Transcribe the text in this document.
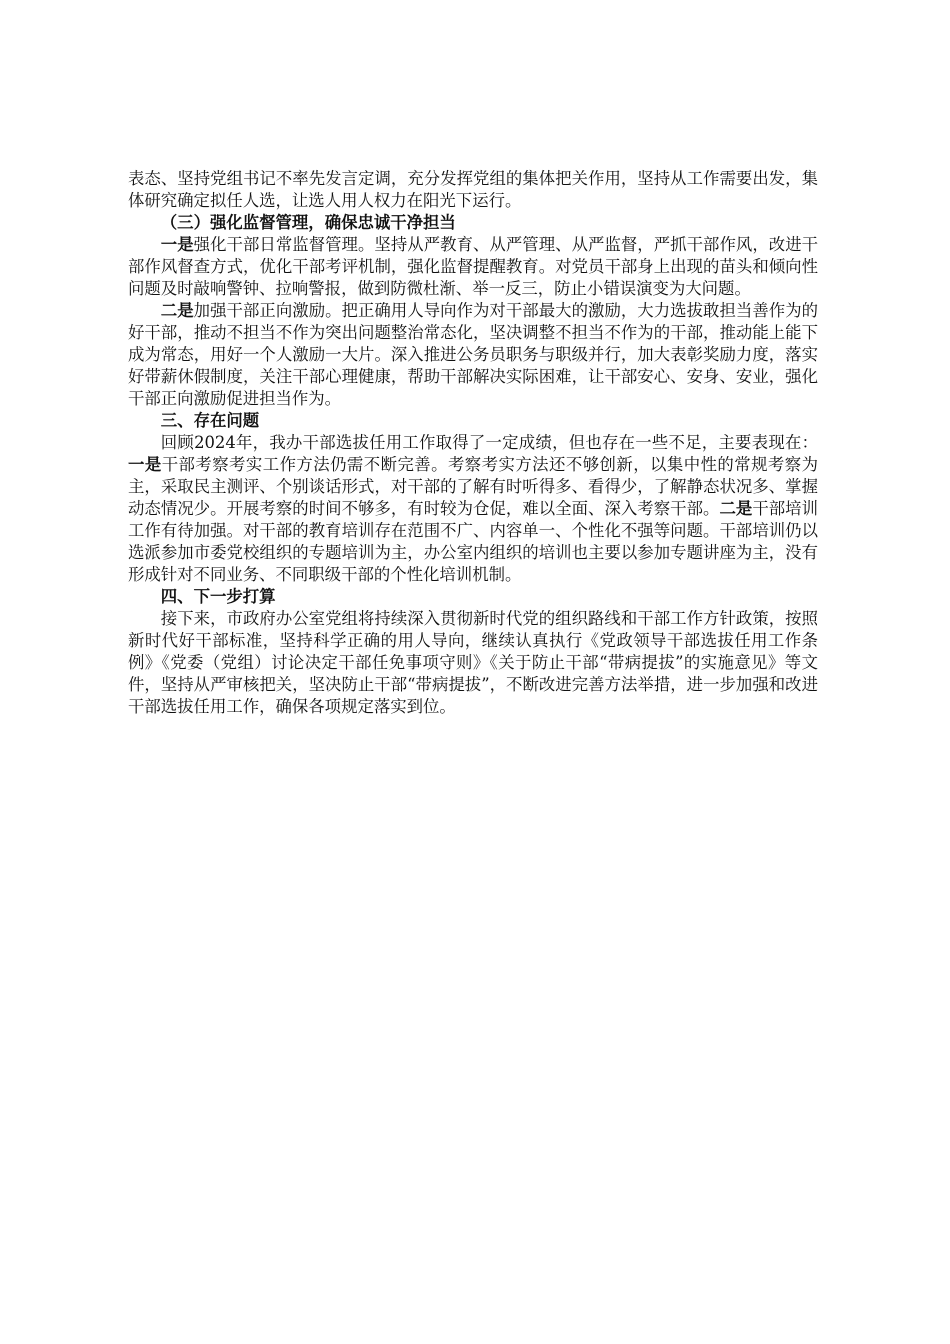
表态、坚持党组书记不率先发言定调，充分发挥党组的集体把关作用，坚持从工作需要出发，集体研究确定拟任人选，让选人用人权力在阳光下运行。

（三）强化监督管理，确保忠诚干净担当

一是强化干部日常监督管理。坚持从严教育、从严管理、从严监督，严抓干部作风，改进干部作风督查方式，优化干部考评机制，强化监督提醒教育。对党员干部身上出现的苗头和倾向性问题及时敲响警钟、拉响警报，做到防微杜渐、举一反三，防止小错误演变为大问题。

二是加强干部正向激励。把正确用人导向作为对干部最大的激励，大力选拔敢担当善作为的好干部，推动不担当不作为突出问题整治常态化，坚决调整不担当不作为的干部，推动能上能下成为常态，用好一个人激励一大片。深入推进公务员职务与职级并行，加大表彰奖励力度，落实好带薪休假制度，关注干部心理健康，帮助干部解决实际困难，让干部安心、安身、安业，强化干部正向激励促进担当作为。

三、存在问题

回顾2024年，我办干部选拔任用工作取得了一定成绩，但也存在一些不足，主要表现在：一是干部考察考实工作方法仍需不断完善。考察考实方法还不够创新，以集中性的常规考察为主，采取民主测评、个别谈话形式，对干部的了解有时听得多、看得少，了解静态状况多、掌握动态情况少。开展考察的时间不够多，有时较为仓促，难以全面、深入考察干部。二是干部培训工作有待加强。对干部的教育培训存在范围不广、内容单一、个性化不强等问题。干部培训仍以选派参加市委党校组织的专题培训为主，办公室内组织的培训也主要以参加专题讲座为主，没有形成针对不同业务、不同职级干部的个性化培训机制。

四、下一步打算

接下来，市政府办公室党组将持续深入贯彻新时代党的组织路线和干部工作方针政策，按照新时代好干部标准，坚持科学正确的用人导向，继续认真执行《党政领导干部选拔任用工作条例》《党委（党组）讨论决定干部任免事项守则》《关于防止干部“带病提拔”的实施意见》等文件，坚持从严审核把关，坚决防止干部“带病提拔”，不断改进完善方法举措，进一步加强和改进干部选拔任用工作，确保各项规定落实到位。
